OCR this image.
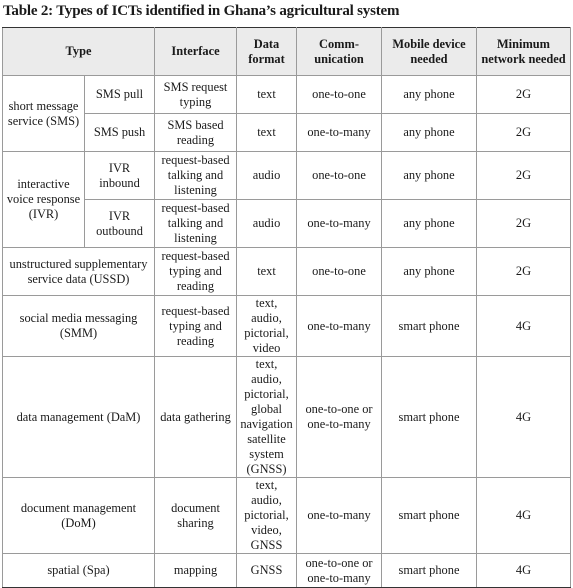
Table 2: Types of ICTs identified in Ghana’s agricultural system
Type		Interface	Data format	Comm-unication	Mobile device needed	Minimum network needed
short message service (SMS)	SMS pull	SMS request typing	text	one-to-one	any phone	2G
	SMS push	SMS based reading	text	one-to-many	any phone	2G
interactive voice response (IVR)	IVR inbound	request-based talking and listening	audio	one-to-one	any phone	2G
	IVR outbound	request-based talking and listening	audio	one-to-many	any phone	2G
unstructured supplementary service data (USSD)		request-based typing and reading	text	one-to-one	any phone	2G
social media messaging (SMM)		request-based typing and reading	text, audio, pictorial, video	one-to-many	smart phone	4G
data management (DaM)		data gathering	text, audio, pictorial, global navigation satellite system (GNSS)	one-to-one or one-to-many	smart phone	4G
document management (DoM)		document sharing	text, audio, pictorial, video, GNSS	one-to-many	smart phone	4G
spatial (Spa)		mapping	GNSS	one-to-one or one-to-many	smart phone	4G
